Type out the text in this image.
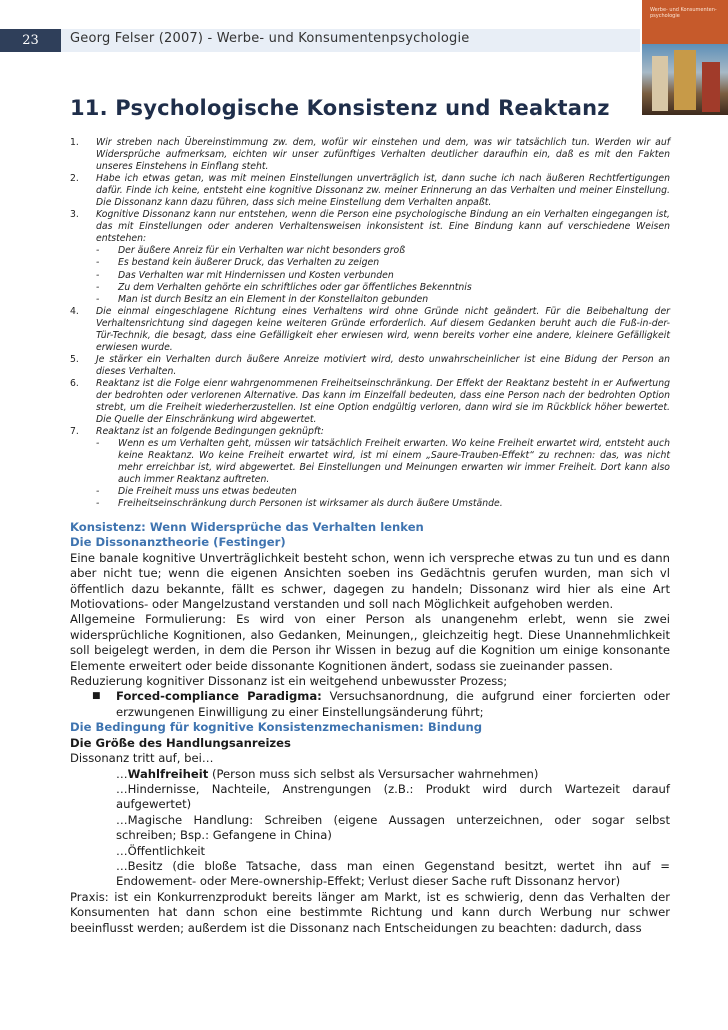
23	Georg Felser (2007) - Werbe- und Konsumentenpsychologie
Werbe- und Konsumenten-psychologie
11. Psychologische Konsistenz und Reaktanz
1. Wir streben nach Übereinstimmung zw. dem, wofür wir einstehen und dem, was wir tatsächlich tun. Werden wir auf Widersprüche aufmerksam, eichten wir unser zufünftiges Verhalten deutlicher daraufhin ein, daß es mit den Fakten unseres Einstehens in Einflang steht.
2. Habe ich etwas getan, was mit meinen Einstellungen unverträglich ist, dann suche ich nach äußeren Rechtfertigungen dafür. Finde ich keine, entsteht eine kognitive Dissonanz zw. meiner Erinnerung an das Verhalten und meiner Einstellung. Die Dissonanz kann dazu führen, dass sich meine Einstellung dem Verhalten anpaßt.
3. Kognitive Dissonanz kann nur entstehen, wenn die Person eine psychologische Bindung an ein Verhalten eingegangen ist, das mit Einstellungen oder anderen Verhaltensweisen inkonsistent ist. Eine Bindung kann auf verschiedene Weisen entstehen:
- Der äußere Anreiz für ein Verhalten war nicht besonders groß
- Es bestand kein äußerer Druck, das Verhalten zu zeigen
- Das Verhalten war mit Hindernissen und Kosten verbunden
- Zu dem Verhalten gehörte ein schriftliches oder gar öffentliches Bekenntnis
- Man ist durch Besitz an ein Element in der Konstellaiton gebunden
4. Die einmal eingeschlagene Richtung eines Verhaltens wird ohne Gründe nicht geändert. Für die Beibehaltung der Verhaltensrichtung sind dagegen keine weiteren Gründe erforderlich. Auf diesem Gedanken beruht auch die Fuß-in-der-Tür-Technik, die besagt, dass eine Gefälligkeit eher erwiesen wird, wenn bereits vorher eine andere, kleinere Gefälligkeit erwiesen wurde.
5. Je stärker ein Verhalten durch äußere Anreize motiviert wird, desto unwahrscheinlicher ist eine Bidung der Person an dieses Verhalten.
6. Reaktanz ist die Folge eienr wahrgenommenen Freiheitseinschränkung. Der Effekt der Reaktanz besteht in er Aufwertung der bedrohten oder verlorenen Alternative. Das kann im Einzelfall bedeuten, dass eine Person nach der bedrohten Option strebt, um die Freiheit wiederherzustellen. Ist eine Option endgültig verloren, dann wird sie im Rückblick höher bewertet. Die Quelle der Einschränkung wird abgewertet.
7. Reaktanz ist an folgende Bedingungen geknüpft:
- Wenn es um Verhalten geht, müssen wir tatsächlich Freiheit erwarten. Wo keine Freiheit erwartet wird, entsteht auch keine Reaktanz. Wo keine Freiheit erwartet wird, ist mi einem „Saure-Trauben-Effekt“ zu rechnen: das, was nicht mehr erreichbar ist, wird abgewertet. Bei Einstellungen und Meinungen erwarten wir immer Freiheit. Dort kann also auch immer Reaktanz auftreten.
- Die Freiheit muss uns etwas bedeuten
- Freiheitseinschränkung durch Personen ist wirksamer als durch äußere Umstände.

Konsistenz: Wenn Widersprüche das Verhalten lenken

Die Dissonanztheorie (Festinger)

Eine banale kognitive Unverträglichkeit besteht schon, wenn ich verspreche etwas zu tun und es dann aber nicht tue; wenn die eigenen Ansichten soeben ins Gedächtnis gerufen wurden, man sich vl öffentlich dazu bekannte, fällt es schwer, dagegen zu handeln; Dissonanz wird hier als eine Art Motiovations- oder Mangelzustand verstanden und soll nach Möglichkeit aufgehoben werden.

Allgemeine Formulierung: Es wird von einer Person als unangenehm erlebt, wenn sie zwei widersprüchliche Kognitionen, also Gedanken, Meinungen,, gleichzeitig hegt. Diese Unannehmlichkeit soll beigelegt werden, in dem die Person ihr Wissen in bezug auf die Kognition um einige konsonante Elemente erweitert oder beide dissonante Kognitionen ändert, sodass sie zueinander passen.

Reduzierung kognitiver Dissonanz ist ein weitgehend unbewusster Prozess;

■ Forced-compliance Paradigma: Versuchsanordnung, die aufgrund einer forcierten oder erzwungenen Einwilligung zu einer Einstellungsänderung führt;

Die Bedingung für kognitive Konsistenzmechanismen: Bindung

Die Größe des Handlungsanreizes

Dissonanz tritt auf, bei…

…Wahlfreiheit (Person muss sich selbst als Versursacher wahrnehmen)

…Hindernisse, Nachteile, Anstrengungen (z.B.: Produkt wird durch Wartezeit darauf aufgewertet)

…Magische Handlung: Schreiben (eigene Aussagen unterzeichnen, oder sogar selbst schreiben; Bsp.: Gefangene in China)

…Öffentlichkeit

…Besitz (die bloße Tatsache, dass man einen Gegenstand besitzt, wertet ihn auf = Endowement- oder Mere-ownership-Effekt; Verlust dieser Sache ruft Dissonanz hervor)

Praxis: ist ein Konkurrenzprodukt bereits länger am Markt, ist es schwierig, denn das Verhalten der Konsumenten hat dann schon eine bestimmte Richtung und kann durch Werbung nur schwer beeinflusst werden; außerdem ist die Dissonanz nach Entscheidungen zu beachten: dadurch, dass
